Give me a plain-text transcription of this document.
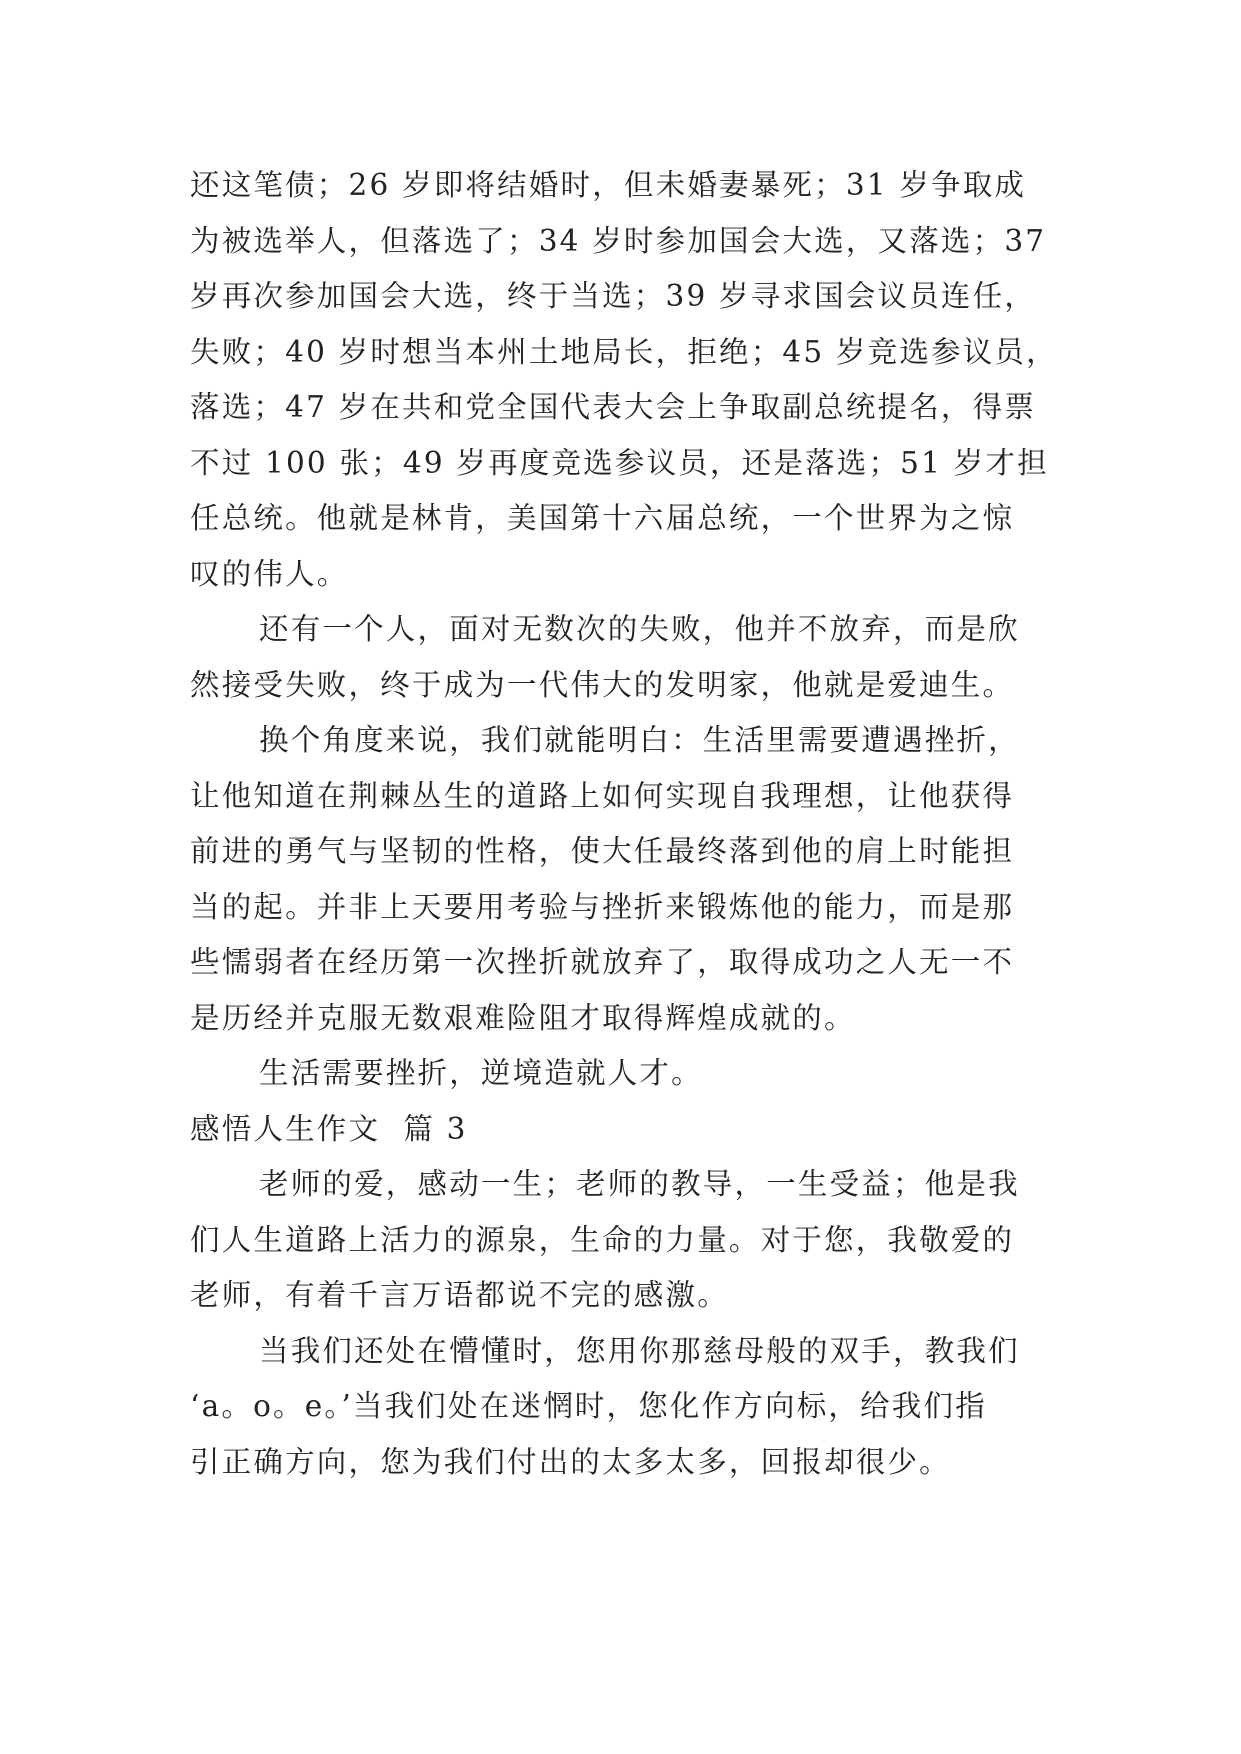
还这笔债；26 岁即将结婚时，但未婚妻暴死；31 岁争取成
为被选举人，但落选了；34 岁时参加国会大选，又落选；37
岁再次参加国会大选，终于当选；39 岁寻求国会议员连任，
失败；40 岁时想当本州土地局长，拒绝；45 岁竞选参议员，
落选；47 岁在共和党全国代表大会上争取副总统提名，得票
不过 100 张；49 岁再度竞选参议员，还是落选；51 岁才担
任总统。他就是林肯，美国第十六届总统，一个世界为之惊
叹的伟人。
还有一个人，面对无数次的失败，他并不放弃，而是欣
然接受失败，终于成为一代伟大的发明家，他就是爱迪生。
换个角度来说，我们就能明白：生活里需要遭遇挫折，
让他知道在荆棘丛生的道路上如何实现自我理想，让他获得
前进的勇气与坚韧的性格，使大任最终落到他的肩上时能担
当的起。并非上天要用考验与挫折来锻炼他的能力，而是那
些懦弱者在经历第一次挫折就放弃了，取得成功之人无一不
是历经并克服无数艰难险阻才取得辉煌成就的。
生活需要挫折，逆境造就人才。
感悟人生作文  篇 3
老师的爱，感动一生；老师的教导，一生受益；他是我
们人生道路上活力的源泉，生命的力量。对于您，我敬爱的
老师，有着千言万语都说不完的感激。
当我们还处在懵懂时，您用你那慈母般的双手，教我们
‘a。o。e。’当我们处在迷惘时，您化作方向标，给我们指
引正确方向，您为我们付出的太多太多，回报却很少。
